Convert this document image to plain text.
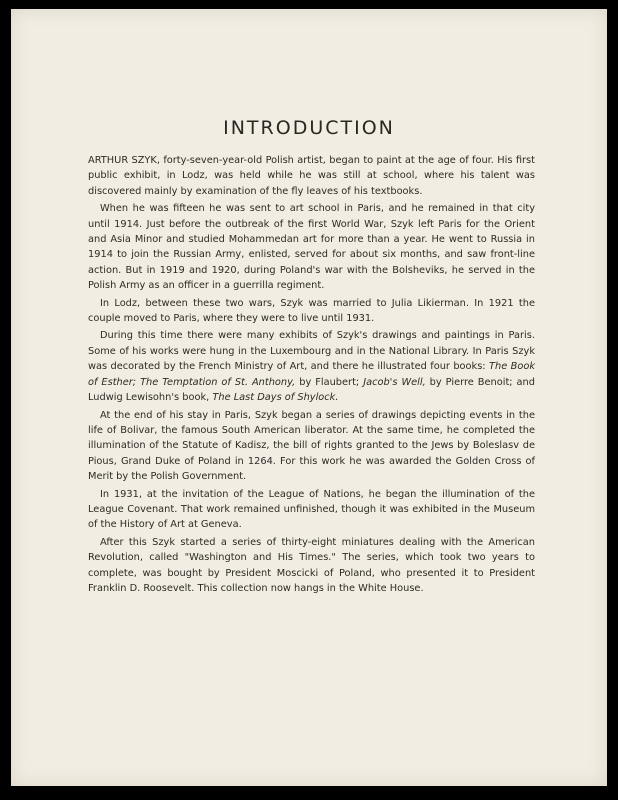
INTRODUCTION

ARTHUR SZYK, forty-seven-year-old Polish artist, began to paint at the age of four. His first public exhibit, in Lodz, was held while he was still at school, where his talent was discovered mainly by examination of the fly leaves of his textbooks.

When he was fifteen he was sent to art school in Paris, and he remained in that city until 1914. Just before the outbreak of the first World War, Szyk left Paris for the Orient and Asia Minor and studied Mohammedan art for more than a year. He went to Russia in 1914 to join the Russian Army, enlisted, served for about six months, and saw front-line action. But in 1919 and 1920, during Poland's war with the Bolsheviks, he served in the Polish Army as an officer in a guerrilla regiment.

In Lodz, between these two wars, Szyk was married to Julia Likierman. In 1921 the couple moved to Paris, where they were to live until 1931.

During this time there were many exhibits of Szyk's drawings and paintings in Paris. Some of his works were hung in the Luxembourg and in the National Library. In Paris Szyk was decorated by the French Ministry of Art, and there he illustrated four books: The Book of Esther; The Temptation of St. Anthony, by Flaubert; Jacob's Well, by Pierre Benoit; and Ludwig Lewisohn's book, The Last Days of Shylock.

At the end of his stay in Paris, Szyk began a series of drawings depicting events in the life of Bolivar, the famous South American liberator. At the same time, he completed the illumination of the Statute of Kadisz, the bill of rights granted to the Jews by Boleslasv de Pious, Grand Duke of Poland in 1264. For this work he was awarded the Golden Cross of Merit by the Polish Government.

In 1931, at the invitation of the League of Nations, he began the illumination of the League Covenant. That work remained unfinished, though it was exhibited in the Museum of the History of Art at Geneva.

After this Szyk started a series of thirty-eight miniatures dealing with the American Revolution, called "Washington and His Times." The series, which took two years to complete, was bought by President Moscicki of Poland, who presented it to President Franklin D. Roosevelt. This collection now hangs in the White House.
